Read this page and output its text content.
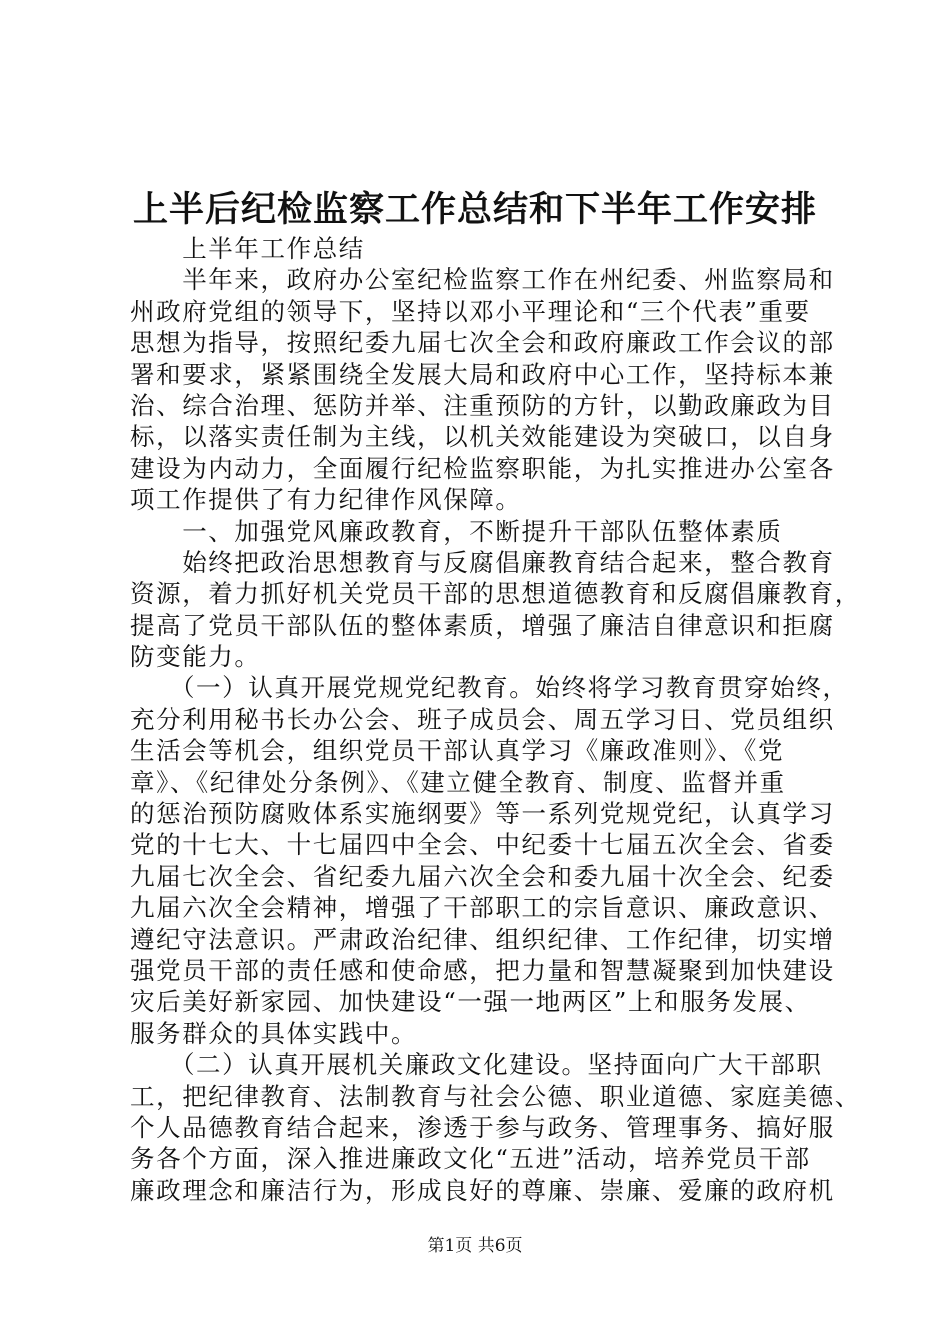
上半后纪检监察工作总结和下半年工作安排
　　上半年工作总结
　　半年来，政府办公室纪检监察工作在州纪委、州监察局和
州政府党组的领导下，坚持以邓小平理论和“三个代表”重要
思想为指导，按照纪委九届七次全会和政府廉政工作会议的部
署和要求，紧紧围绕全发展大局和政府中心工作，坚持标本兼
治、综合治理、惩防并举、注重预防的方针，以勤政廉政为目
标，以落实责任制为主线，以机关效能建设为突破口，以自身
建设为内动力，全面履行纪检监察职能，为扎实推进办公室各
项工作提供了有力纪律作风保障。
　　一、加强党风廉政教育，不断提升干部队伍整体素质
　　始终把政治思想教育与反腐倡廉教育结合起来，整合教育
资源，着力抓好机关党员干部的思想道德教育和反腐倡廉教育，
提高了党员干部队伍的整体素质，增强了廉洁自律意识和拒腐
防变能力。
　　（一）认真开展党规党纪教育。始终将学习教育贯穿始终，
充分利用秘书长办公会、班子成员会、周五学习日、党员组织
生活会等机会，组织党员干部认真学习《廉政准则》、《党
章》、《纪律处分条例》、《建立健全教育、制度、监督并重
的惩治预防腐败体系实施纲要》等一系列党规党纪，认真学习
党的十七大、十七届四中全会、中纪委十七届五次全会、省委
九届七次全会、省纪委九届六次全会和委九届十次全会、纪委
九届六次全会精神，增强了干部职工的宗旨意识、廉政意识、
遵纪守法意识。严肃政治纪律、组织纪律、工作纪律，切实增
强党员干部的责任感和使命感，把力量和智慧凝聚到加快建设
灾后美好新家园、加快建设“一强一地两区”上和服务发展、
服务群众的具体实践中。
　　（二）认真开展机关廉政文化建设。坚持面向广大干部职
工，把纪律教育、法制教育与社会公德、职业道德、家庭美德、
个人品德教育结合起来，渗透于参与政务、管理事务、搞好服
务各个方面，深入推进廉政文化“五进”活动，培养党员干部
廉政理念和廉洁行为，形成良好的尊廉、崇廉、爱廉的政府机
第1页 共6页
